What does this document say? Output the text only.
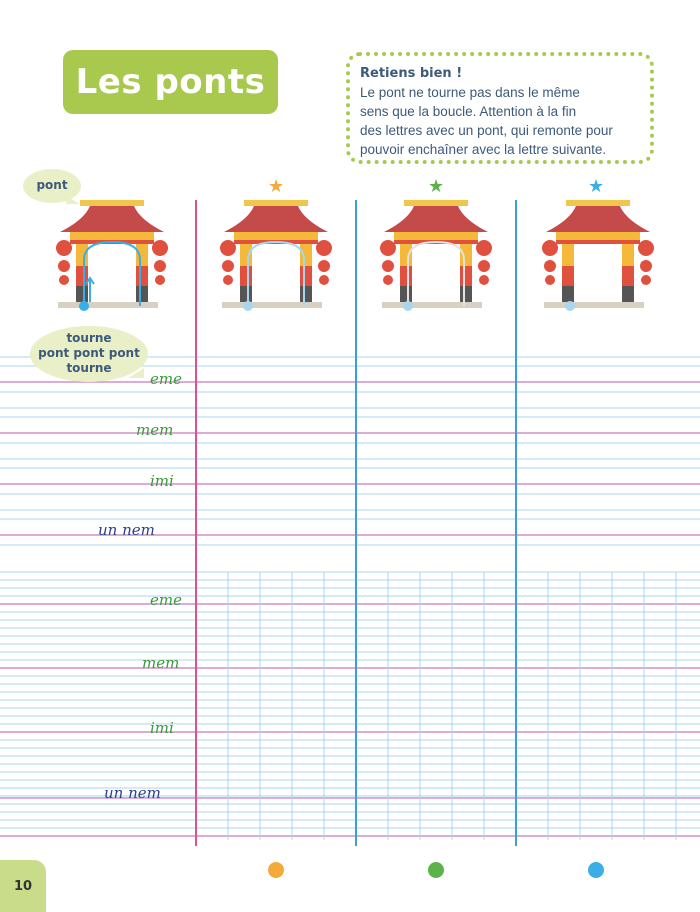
Les ponts	Retiens bien !
Le pont ne tourne pas dans le même
sens que la boucle. Attention à la fin
des lettres avec un pont, qui remonte pour
pouvoir enchaîner avec la lettre suivante.
pont
tourne
pont pont pont
tourne
★	★	★
eme
mem
imi
un nem
eme
mem
imi
un nem
10
